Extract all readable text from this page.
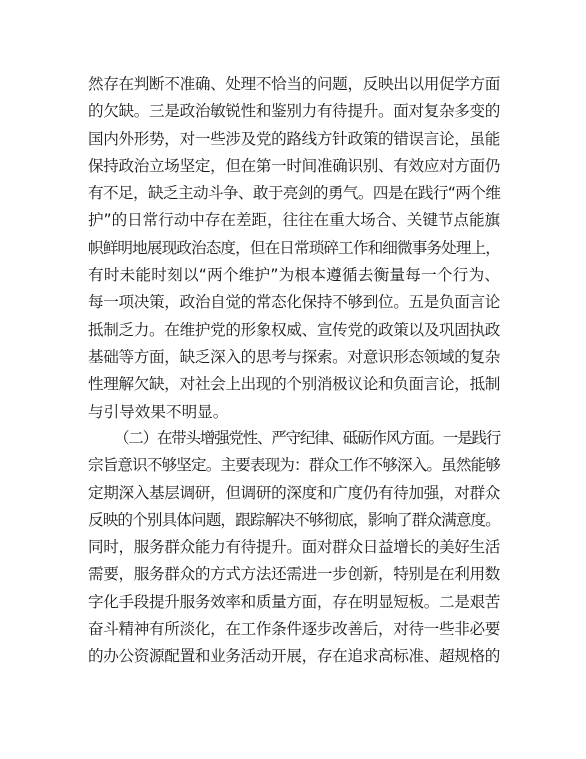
然存在判断不准确、处理不恰当的问题，反映出以用促学方面
的欠缺。三是政治敏锐性和鉴别力有待提升。面对复杂多变的
国内外形势，对一些涉及党的路线方针政策的错误言论，虽能
保持政治立场坚定，但在第一时间准确识别、有效应对方面仍
有不足，缺乏主动斗争、敢于亮剑的勇气。四是在践行“两个维
护”的日常行动中存在差距，往往在重大场合、关键节点能旗
帜鲜明地展现政治态度，但在日常琐碎工作和细微事务处理上，
有时未能时刻以“两个维护”为根本遵循去衡量每一个行为、
每一项决策，政治自觉的常态化保持不够到位。五是负面言论
抵制乏力。在维护党的形象权威、宣传党的政策以及巩固执政
基础等方面，缺乏深入的思考与探索。对意识形态领域的复杂
性理解欠缺，对社会上出现的个别消极议论和负面言论，抵制
与引导效果不明显。
（二）在带头增强党性、严守纪律、砥砺作风方面。一是践行
宗旨意识不够坚定。主要表现为：群众工作不够深入。虽然能够
定期深入基层调研，但调研的深度和广度仍有待加强，对群众
反映的个别具体问题，跟踪解决不够彻底，影响了群众满意度。
同时，服务群众能力有待提升。面对群众日益增长的美好生活
需要，服务群众的方式方法还需进一步创新，特别是在利用数
字化手段提升服务效率和质量方面，存在明显短板。二是艰苦
奋斗精神有所淡化，在工作条件逐步改善后，对待一些非必要
的办公资源配置和业务活动开展，存在追求高标准、超规格的
